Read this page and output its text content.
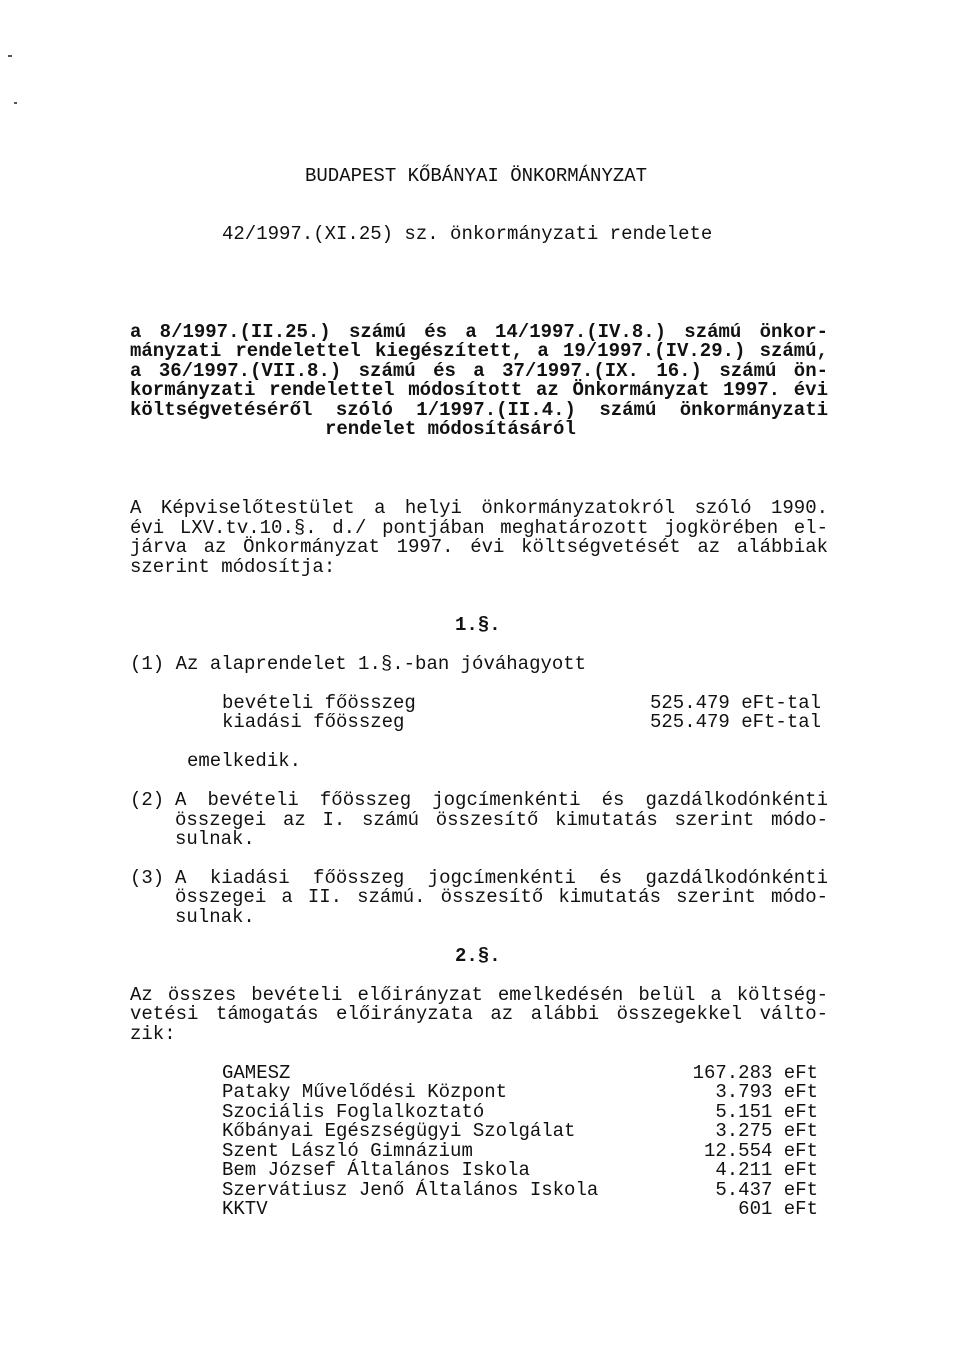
BUDAPEST KŐBÁNYAI ÖNKORMÁNYZAT
42/1997.(XI.25) sz. önkormányzati rendelete
a 8/1997.(II.25.) számú és a 14/1997.(IV.8.) számú önkor-
mányzati rendelettel kiegészített, a 19/1997.(IV.29.) számú,
a 36/1997.(VII.8.) számú és a 37/1997.(IX. 16.) számú ön-
kormányzati rendelettel módosított az Önkormányzat 1997. évi
költségvetéséről szóló 1/1997.(II.4.) számú önkormányzati
rendelet módosításáról
A Képviselőtestület a helyi önkormányzatokról szóló 1990.
évi LXV.tv.10.§. d./ pontjában meghatározott jogkörében el-
járva az Önkormányzat 1997. évi költségvetését az alábbiak
szerint módosítja:
1.§.
(1) Az alaprendelet 1.§.-ban jóváhagyott
bevételi főösszeg	525.479 eFt-tal
kiadási főösszeg	525.479 eFt-tal
emelkedik.
(2) A bevételi főösszeg jogcímenkénti és gazdálkodónkénti
összegei az I. számú összesítő kimutatás szerint módo-
sulnak.
(3) A kiadási főösszeg jogcímenkénti és gazdálkodónkénti
összegei a II. számú. összesítő kimutatás szerint módo-
sulnak.
2.§.
Az összes bevételi előirányzat emelkedésén belül a költség-
vetési támogatás előirányzata az alábbi összegekkel válto-
zik:
GAMESZ	167.283 eFt
Pataky Művelődési Központ	3.793 eFt
Szociális Foglalkoztató	5.151 eFt
Kőbányai Egészségügyi Szolgálat	3.275 eFt
Szent László Gimnázium	12.554 eFt
Bem József Általános Iskola	4.211 eFt
Szervátiusz Jenő Általános Iskola	5.437 eFt
KKTV	601 eFt
